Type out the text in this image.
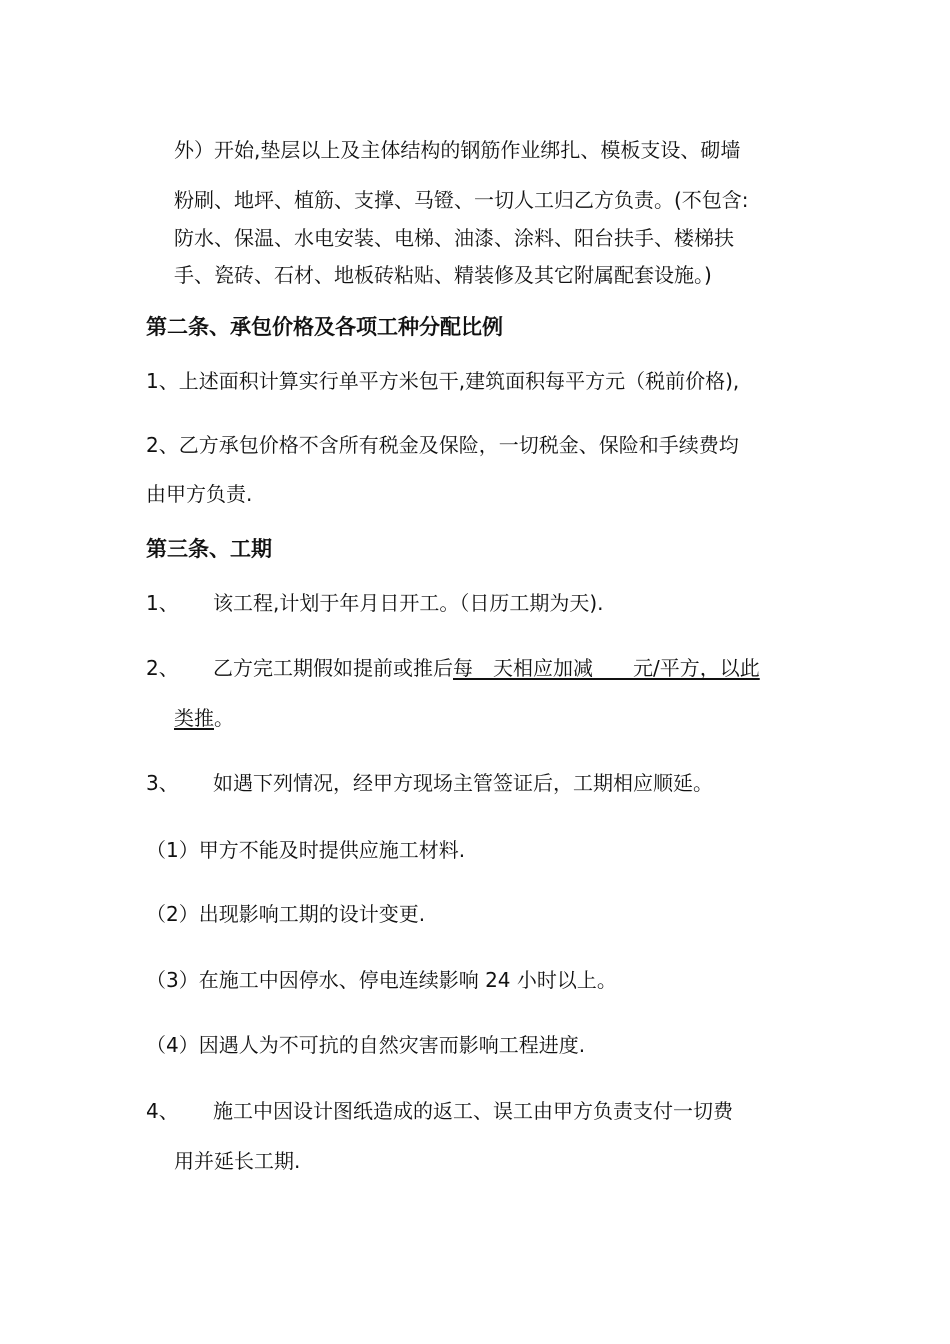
外）开始,垫层以上及主体结构的钢筋作业绑扎、模板支设、砌墙
粉刷、地坪、植筋、支撑、马镫、一切人工归乙方负责。(不包含:
防水、保温、水电安装、电梯、油漆、涂料、阳台扶手、楼梯扶
手、瓷砖、石材、地板砖粘贴、精装修及其它附属配套设施。)
第二条、承包价格及各项工种分配比例
1、上述面积计算实行单平方米包干,建筑面积每平方元（税前价格),
2、乙方承包价格不含所有税金及保险，一切税金、保险和手续费均
由甲方负责.
第三条、工期
1、 该工程,计划于年月日开工。（日历工期为天).
2、 乙方完工期假如提前或推后每　天相应加减　　元/平方，以此
类推。
3、 如遇下列情况，经甲方现场主管签证后，工期相应顺延。
（1）甲方不能及时提供应施工材料.
（2）出现影响工期的设计变更.
（3）在施工中因停水、停电连续影响 24 小时以上。
（4）因遇人为不可抗的自然灾害而影响工程进度.
4、 施工中因设计图纸造成的返工、误工由甲方负责支付一切费
用并延长工期.
